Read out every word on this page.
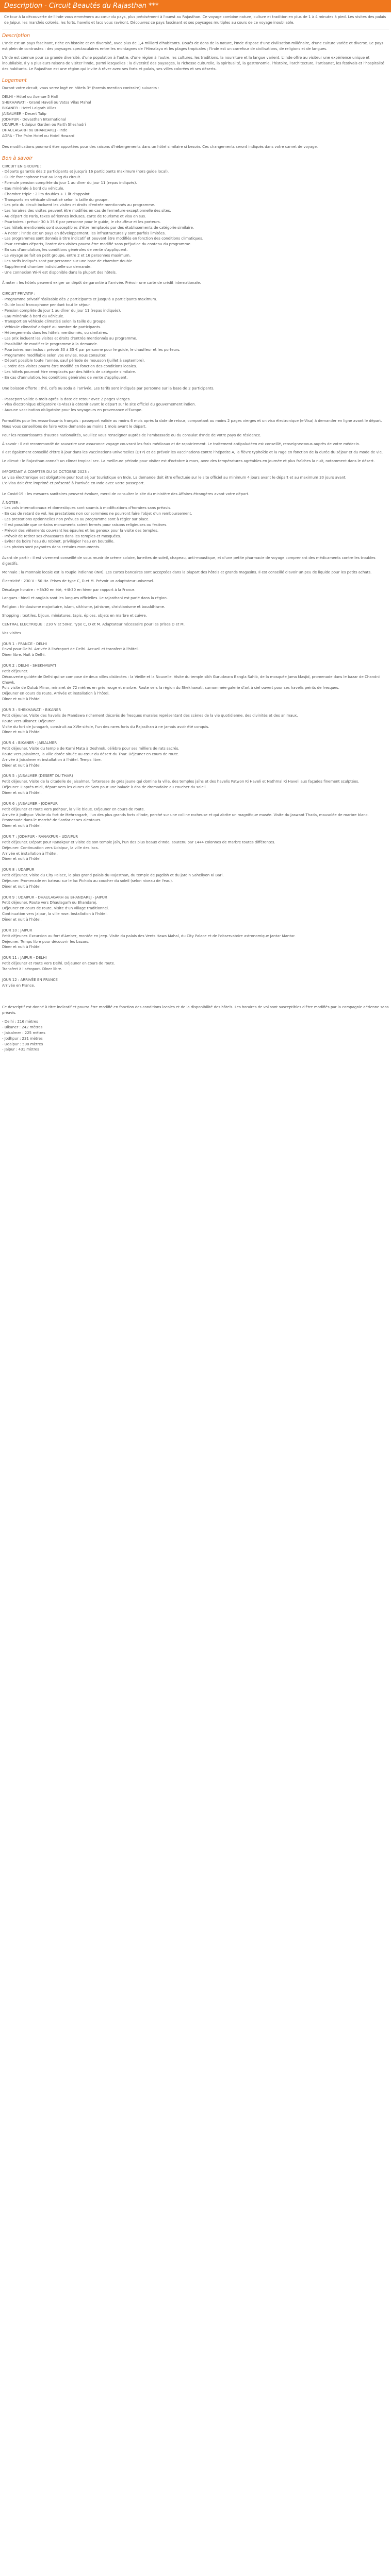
Description - Circuit Beautés du Rajasthan ***

Ce tour à la découverte de l'Inde vous emmènera au cœur du pays, plus précisément à l'ouest au Rajasthan. Ce voyage combine nature, culture et tradition en plus de 1 à 4 minutes à pied. Les visites des palais de Jaipur, les marchés colorés, les forts, havelis et lacs vous raviront. Découvrez ce pays fascinant et ses paysages multiples au cours de ce voyage inoubliable.

Description

L'Inde est un pays fascinant, riche en histoire et en diversité, avec plus de 1,4 milliard d'habitants. Doués de dons de la nature, l'Inde dispose d'une civilisation millénaire, d'une culture variée et diverse. Le pays est plein de contrastes : des paysages spectaculaires entre les montagnes de l'Himalaya et les plages tropicales ; l'Inde est un carrefour de civilisations, de religions et de langues.

L'Inde est connue pour sa grande diversité, d'une population à l'autre, d'une région à l'autre, les cultures, les traditions, la nourriture et la langue varient. L'Inde offre au visiteur une expérience unique et inoubliable. Il y a plusieurs raisons de visiter l'Inde, parmi lesquelles : la diversité des paysages, la richesse culturelle, la spiritualité, la gastronomie, l'histoire, l'architecture, l'artisanat, les festivals et l'hospitalité des habitants. Le Rajasthan est une région qui invite à rêver avec ses forts et palais, ses villes colorées et ses déserts.

Logement

Durant votre circuit, vous serez logé en hôtels 3* (hormis mention contraire) suivants :

DELHI - Hôtel ou Avenue 5 Hall
SHEKHAWATI - Grand Haveli ou Vatsa Vilas Mahal
BIKANER - Hotel Lalgarh Villas
JAISALMER - Desert Tulip
JODHPUR - Devasthan International
UDAIPUR - Udaipur Garden ou Parth Sheshadri
DHAULAGARH ou BHANDAREJ - Inde
AGRA - The Palm Hotel ou Hotel Howard

Des modifications pourront être apportées pour des raisons d'hébergements dans un hôtel similaire si besoin. Ces changements seront indiqués dans votre carnet de voyage.

Bon à savoir
CIRCUIT EN GROUPE :
- Départs garantis dès 2 participants et jusqu'à 16 participants maximum (hors guide local).
- Guide francophone tout au long du circuit.
- Formule pension complète du jour 1 au dîner du jour 11 (repas indiqués).
- Eau minérale à bord du véhicule.
- Chambre triple : 2 lits doubles + 1 lit d'appoint.
- Transports en véhicule climatisé selon la taille du groupe.
- Les prix du circuit incluent les visites et droits d'entrée mentionnés au programme.
- Les horaires des visites peuvent être modifiés en cas de fermeture exceptionnelle des sites.
- Au départ de Paris, taxes aériennes incluses, carte de tourisme et visa en sus.
- Pourboires : prévoir 30 à 35 € par personne pour le guide, le chauffeur et les porteurs.
- Les hôtels mentionnés sont susceptibles d'être remplacés par des établissements de catégorie similaire.
- À noter : l'Inde est un pays en développement, les infrastructures y sont parfois limitées.
- Les programmes sont donnés à titre indicatif et peuvent être modifiés en fonction des conditions climatiques.
- Pour certains départs, l'ordre des visites pourra être modifié sans préjudice du contenu du programme.
- En cas d'annulation, les conditions générales de vente s'appliquent.
- Le voyage se fait en petit groupe, entre 2 et 16 personnes maximum.
- Les tarifs indiqués sont par personne sur une base de chambre double.
- Supplément chambre individuelle sur demande.
- Une connexion Wi-Fi est disponible dans la plupart des hôtels.

À noter : les hôtels peuvent exiger un dépôt de garantie à l'arrivée. Prévoir une carte de crédit internationale.

CIRCUIT PRIVATIF :
- Programme privatif réalisable dès 2 participants et jusqu'à 8 participants maximum.
- Guide local francophone pendant tout le séjour.
- Pension complète du jour 1 au dîner du jour 11 (repas indiqués).
- Eau minérale à bord du véhicule.
- Transport en véhicule climatisé selon la taille du groupe.
- Véhicule climatisé adapté au nombre de participants.
- Hébergements dans les hôtels mentionnés, ou similaires.
- Les prix incluent les visites et droits d'entrée mentionnés au programme.
- Possibilité de modifier le programme à la demande.
- Pourboires non inclus : prévoir 30 à 35 € par personne pour le guide, le chauffeur et les porteurs.
- Programme modifiable selon vos envies, nous consulter.
- Départ possible toute l'année, sauf période de mousson (juillet à septembre).
- L'ordre des visites pourra être modifié en fonction des conditions locales.
- Les hôtels pourront être remplacés par des hôtels de catégorie similaire.
- En cas d'annulation, les conditions générales de vente s'appliquent.

Une boisson offerte : thé, café ou soda à l'arrivée. Les tarifs sont indiqués par personne sur la base de 2 participants.

- Passeport valide 6 mois après la date de retour avec 2 pages vierges.
- Visa électronique obligatoire (e-Visa) à obtenir avant le départ sur le site officiel du gouvernement indien.
- Aucune vaccination obligatoire pour les voyageurs en provenance d'Europe.

Formalités pour les ressortissants français : passeport valide au moins 6 mois après la date de retour, comportant au moins 2 pages vierges et un visa électronique (e-Visa) à demander en ligne avant le départ. Nous vous conseillons de faire votre demande au moins 1 mois avant le départ.

Pour les ressortissants d'autres nationalités, veuillez vous renseigner auprès de l'ambassade ou du consulat d'Inde de votre pays de résidence.

À savoir : il est recommandé de souscrire une assurance voyage couvrant les frais médicaux et de rapatriement. Le traitement antipaludéen est conseillé, renseignez-vous auprès de votre médecin.

Il est également conseillé d'être à jour dans les vaccinations universelles (DTP) et de prévoir les vaccinations contre l'hépatite A, la fièvre typhoïde et la rage en fonction de la durée du séjour et du mode de vie.

Le climat : le Rajasthan connaît un climat tropical sec. La meilleure période pour visiter est d'octobre à mars, avec des températures agréables en journée et plus fraîches la nuit, notamment dans le désert.

IMPORTANT À COMPTER DU 16 OCTOBRE 2023 :
Le visa électronique est obligatoire pour tout séjour touristique en Inde. La demande doit être effectuée sur le site officiel au minimum 4 jours avant le départ et au maximum 30 jours avant.
L'e-Visa doit être imprimé et présenté à l'arrivée en Inde avec votre passeport.

Le Covid-19 : les mesures sanitaires peuvent évoluer, merci de consulter le site du ministère des Affaires étrangères avant votre départ.

À NOTER :
- Les vols internationaux et domestiques sont soumis à modifications d'horaires sans préavis.
- En cas de retard de vol, les prestations non consommées ne pourront faire l'objet d'un remboursement.
- Les prestations optionnelles non prévues au programme sont à régler sur place.
- Il est possible que certains monuments soient fermés pour raisons religieuses ou festives.
- Prévoir des vêtements couvrant les épaules et les genoux pour la visite des temples.
- Prévoir de retirer ses chaussures dans les temples et mosquées.
- Éviter de boire l'eau du robinet, privilégier l'eau en bouteille.
- Les photos sont payantes dans certains monuments.

Avant de partir : il est vivement conseillé de vous munir de crème solaire, lunettes de soleil, chapeau, anti-moustique, et d'une petite pharmacie de voyage comprenant des médicaments contre les troubles digestifs.

Monnaie : la monnaie locale est la roupie indienne (INR). Les cartes bancaires sont acceptées dans la plupart des hôtels et grands magasins. Il est conseillé d'avoir un peu de liquide pour les petits achats.

Électricité : 230 V - 50 Hz. Prises de type C, D et M. Prévoir un adaptateur universel.

Décalage horaire : +3h30 en été, +4h30 en hiver par rapport à la France.

Langues : hindi et anglais sont les langues officielles. Le rajasthani est parlé dans la région.

Religion : hindouisme majoritaire, islam, sikhisme, jaïnisme, christianisme et bouddhisme.

Shopping : textiles, bijoux, miniatures, tapis, épices, objets en marbre et cuivre.

CENTRAL ELECTRIQUE : 230 V et 50Hz. Type C, D et M. Adaptateur nécessaire pour les prises D et M.

Vos visites
JOUR 1 : FRANCE - DELHI
Envol pour Delhi. Arrivée à l'aéroport de Delhi. Accueil et transfert à l'hôtel.
Dîner libre. Nuit à Delhi.
JOUR 2 : DELHI - SHEKHAWATI
Petit déjeuner.
Découverte guidée de Delhi qui se compose de deux villes distinctes : la Vieille et la Nouvelle. Visite du temple sikh Gurudwara Bangla Sahib, de la mosquée Jama Masjid, promenade dans le bazar de Chandni Chowk.
Puis visite de Qutub Minar, minaret de 72 mètres en grès rouge et marbre. Route vers la région du Shekhawati, surnommée galerie d'art à ciel ouvert pour ses havelis peints de fresques.
Déjeuner en cours de route. Arrivée et installation à l'hôtel.
Dîner et nuit à l'hôtel.
JOUR 3 : SHEKHAWATI - BIKANER
Petit déjeuner. Visite des havelis de Mandawa richement décorés de fresques murales représentant des scènes de la vie quotidienne, des divinités et des animaux.
Route vers Bikaner. Déjeuner.
Visite du fort de Junagarh, construit au XVIe siècle, l'un des rares forts du Rajasthan à ne jamais avoir été conquis.
Dîner et nuit à l'hôtel.
JOUR 4 : BIKANER - JAISALMER
Petit déjeuner. Visite du temple de Karni Mata à Deshnok, célèbre pour ses milliers de rats sacrés.
Route vers Jaisalmer, la ville dorée située au cœur du désert du Thar. Déjeuner en cours de route.
Arrivée à Jaisalmer et installation à l'hôtel. Temps libre.
Dîner et nuit à l'hôtel.
JOUR 5 : JAISALMER (DESERT DU THAR)
Petit déjeuner. Visite de la citadelle de Jaisalmer, forteresse de grès jaune qui domine la ville, des temples jaïns et des havelis Patwon Ki Haveli et Nathmal Ki Haveli aux façades finement sculptées.
Déjeuner. L'après-midi, départ vers les dunes de Sam pour une balade à dos de dromadaire au coucher du soleil.
Dîner et nuit à l'hôtel.
JOUR 6 : JAISALMER - JODHPUR
Petit déjeuner et route vers Jodhpur, la ville bleue. Déjeuner en cours de route.
Arrivée à Jodhpur. Visite du fort de Mehrangarh, l'un des plus grands forts d'Inde, perché sur une colline rocheuse et qui abrite un magnifique musée. Visite du Jaswant Thada, mausolée de marbre blanc.
Promenade dans le marché de Sardar et ses alentours.
Dîner et nuit à l'hôtel.
JOUR 7 : JODHPUR - RANAKPUR - UDAIPUR
Petit déjeuner. Départ pour Ranakpur et visite de son temple jaïn, l'un des plus beaux d'Inde, soutenu par 1444 colonnes de marbre toutes différentes.
Déjeuner. Continuation vers Udaipur, la ville des lacs.
Arrivée et installation à l'hôtel.
Dîner et nuit à l'hôtel.
JOUR 8 : UDAIPUR
Petit déjeuner. Visite du City Palace, le plus grand palais du Rajasthan, du temple de Jagdish et du jardin Saheliyon Ki Bari.
Déjeuner. Promenade en bateau sur le lac Pichola au coucher du soleil (selon niveau de l'eau).
Dîner et nuit à l'hôtel.
JOUR 9 : UDAIPUR - DHAULAGARH ou BHANDAREJ - JAIPUR
Petit déjeuner. Route vers Dhaulagarh ou Bhandarej.
Déjeuner en cours de route. Visite d'un village traditionnel.
Continuation vers Jaipur, la ville rose. Installation à l'hôtel.
Dîner et nuit à l'hôtel.
JOUR 10 : JAIPUR
Petit déjeuner. Excursion au fort d'Amber, montée en jeep. Visite du palais des Vents Hawa Mahal, du City Palace et de l'observatoire astronomique Jantar Mantar.
Déjeuner. Temps libre pour découvrir les bazars.
Dîner et nuit à l'hôtel.
JOUR 11 : JAIPUR - DELHI
Petit déjeuner et route vers Delhi. Déjeuner en cours de route.
Transfert à l'aéroport. Dîner libre.
JOUR 12 : ARRIVÉE EN FRANCE
Arrivée en France.

Ce descriptif est donné à titre indicatif et pourra être modifié en fonction des conditions locales et de la disponibilité des hôtels. Les horaires de vol sont susceptibles d'être modifiés par la compagnie aérienne sans préavis.

- Delhi : 216 mètres
- Bikaner : 242 mètres
- Jaisalmer : 225 mètres
- Jodhpur : 231 mètres
- Udaipur : 598 mètres
- Jaipur : 431 mètres
